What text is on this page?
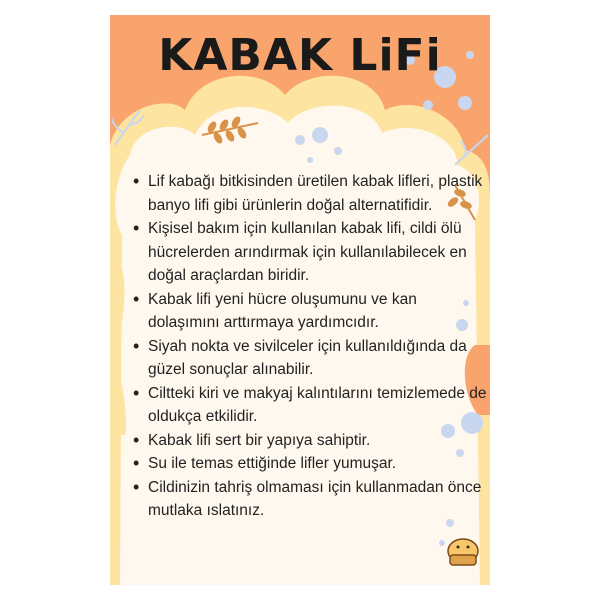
KABAK LiFi
• Lif kabağı bitkisinden üretilen kabak lifleri, plastik banyo lifi gibi ürünlerin doğal alternatifidir.
• Kişisel bakım için kullanılan kabak lifi, cildi ölü hücrelerden arındırmak için kullanılabilecek en doğal araçlardan biridir.
• Kabak lifi yeni hücre oluşumunu ve kan dolaşımını arttırmaya yardımcıdır.
• Siyah nokta ve sivilceler için kullanıldığında da güzel sonuçlar alınabilir.
• Ciltteki kiri ve makyaj kalıntılarını temizlemede de oldukça etkilidir.
• Kabak lifi sert bir yapıya sahiptir.
• Su ile temas ettiğinde lifler yumuşar.
• Cildinizin tahriş olmaması için kullanmadan önce mutlaka ıslatınız.
